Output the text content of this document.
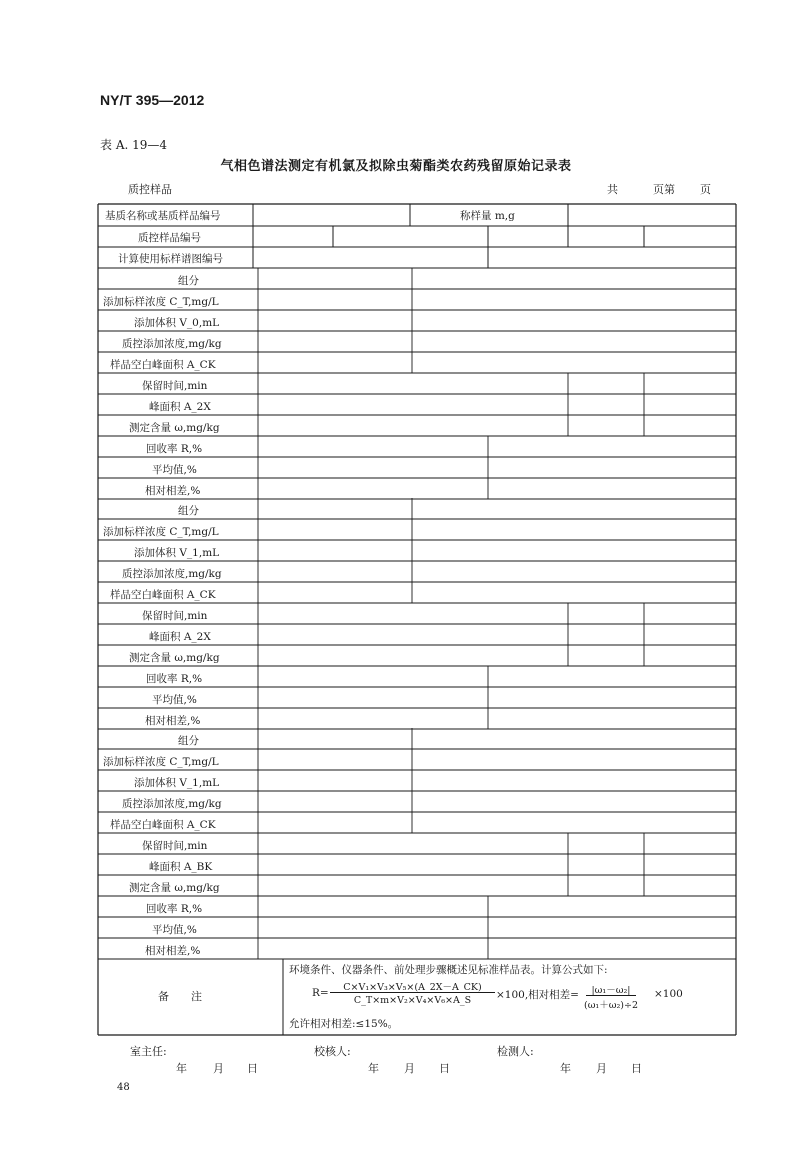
NY/T 395—2012
表 A. 19—4
气相色谱法测定有机氯及拟除虫菊酯类农药残留原始记录表
质控样品	共	页第 页
基质名称或基质样品编号	称样量 m,g
质控样品编号
计算使用标样谱图编号
组分
添加标样浓度 C_T,mg/L
添加体积 V_0,mL
质控添加浓度,mg/kg
样品空白峰面积 A_CK
保留时间,min
峰面积 A_2X
测定含量 ω,mg/kg
回收率 R,%
平均值,%
相对相差,%
组分
添加标样浓度 C_T,mg/L
添加体积 V_1,mL
质控添加浓度,mg/kg
样品空白峰面积 A_CK
保留时间,min
峰面积 A_2X
测定含量 ω,mg/kg
回收率 R,%
平均值,%
相对相差,%
组分
添加标样浓度 C_T,mg/L
添加体积 V_1,mL
质控添加浓度,mg/kg
样品空白峰面积 A_CK
保留时间,min
峰面积 A_BK
测定含量 ω,mg/kg
回收率 R,%
平均值,%
相对相差,%
备　　注
环境条件、仪器条件、前处理步骤概述见标准样品表。计算公式如下:
R=	C×V₁×V₃×V₅×(A_2X－A_CK)
C_T×m×V₂×V₄×V₆×A_S	×100,相对相差=	|ω₁－ω₂|
(ω₁＋ω₂)÷2
×100
允许相对相差:≤15%。
室主任:	校核人:	检测人:
年 月 日	年 月 日	年 月 日
48
